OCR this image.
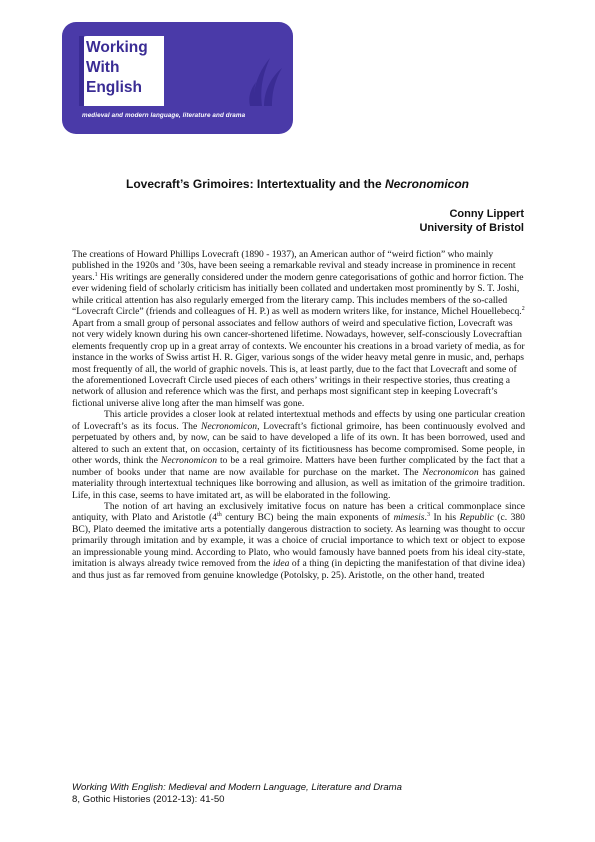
Working
With
English
medieval and modern language, literature and drama
Lovecraft’s Grimoires: Intertextuality and the Necronomicon
Conny Lippert
University of Bristol

The creations of Howard Phillips Lovecraft (1890 - 1937), an American author of “weird fiction” who mainly published in the 1920s and ’30s, have been seeing a remarkable revival and steady increase in prominence in recent years.$^1$ His writings are generally considered under the modern genre categorisations of gothic and horror fiction. The ever widening field of scholarly criticism has initially been collated and undertaken most prominently by S. T. Joshi, while critical attention has also regularly emerged from the literary camp. This includes members of the so-called “Lovecraft Circle” (friends and colleagues of H. P.) as well as modern writers like, for instance, Michel Houellebecq.$^2$ Apart from a small group of personal associates and fellow authors of weird and speculative fiction, Lovecraft was not very widely known during his own cancer-shortened lifetime. Nowadays, however, self-consciously Lovecraftian elements frequently crop up in a great array of contexts. We encounter his creations in a broad variety of media, as for instance in the works of Swiss artist H. R. Giger, various songs of the wider heavy metal genre in music, and, perhaps most frequently of all, the world of graphic novels. This is, at least partly, due to the fact that Lovecraft and some of the aforementioned Lovecraft Circle used pieces of each others’ writings in their respective stories, thus creating a network of allusion and reference which was the first, and perhaps most significant step in keeping Lovecraft’s fictional universe alive long after the man himself was gone.

This article provides a closer look at related intertextual methods and effects by using one particular creation of Lovecraft’s as its focus. The Necronomicon, Lovecraft’s fictional grimoire, has been continuously evolved and perpetuated by others and, by now, can be said to have developed a life of its own. It has been borrowed, used and altered to such an extent that, on occasion, certainty of its fictitiousness has become compromised. Some people, in other words, think the Necronomicon to be a real grimoire. Matters have been further complicated by the fact that a number of books under that name are now available for purchase on the market. The Necronomicon has gained materiality through intertextual techniques like borrowing and allusion, as well as imitation of the grimoire tradition. Life, in this case, seems to have imitated art, as will be elaborated in the following.

The notion of art having an exclusively imitative focus on nature has been a critical commonplace since antiquity, with Plato and Aristotle (4th century BC) being the main exponents of mimesis.$^3$ In his Republic (c. 380 BC), Plato deemed the imitative arts a potentially dangerous distraction to society. As learning was thought to occur primarily through imitation and by example, it was a choice of crucial importance to which text or object to expose an impressionable young mind. According to Plato, who would famously have banned poets from his ideal city-state, imitation is always already twice removed from the idea of a thing (in depicting the manifestation of that divine idea) and thus just as far removed from genuine knowledge (Potolsky, p. 25). Aristotle, on the other hand, treated

Working With English: Medieval and Modern Language, Literature and Drama
8, Gothic Histories (2012-13): 41-50
